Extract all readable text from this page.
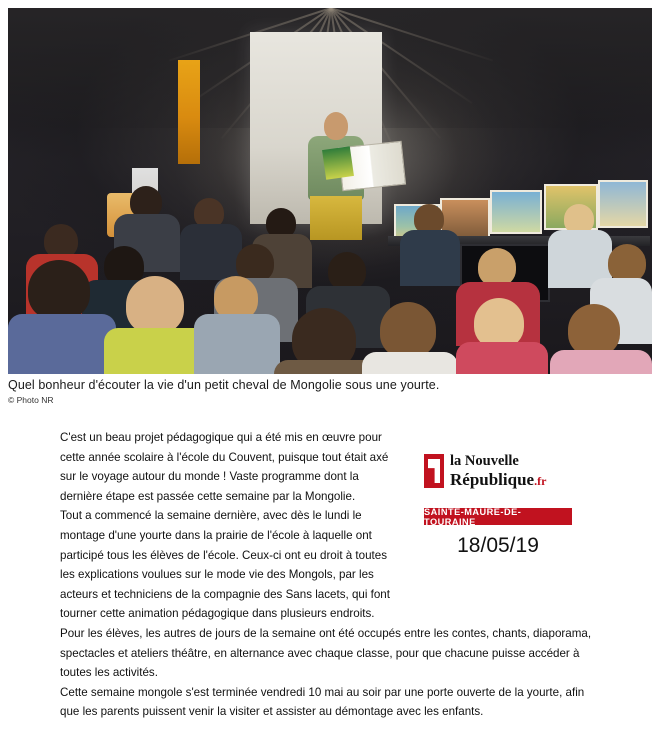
Quel bonheur d'écouter la vie d'un petit cheval de Mongolie sous une yourte.
© Photo NR

C'est un beau projet pédagogique qui a été mis en œuvre pour cette année scolaire à l'école du Couvent, puisque tout était axé sur le voyage autour du monde ! Vaste programme dont la dernière étape est passée cette semaine par la Mongolie.

Tout a commencé la semaine dernière, avec dès le lundi le montage d'une yourte dans la prairie de l'école à laquelle ont participé tous les élèves de l'école. Ceux-ci ont eu droit à toutes les explications voulues sur le mode vie des Mongols, par les acteurs et techniciens de la compagnie des Sans lacets, qui font tourner cette animation pédagogique dans plusieurs endroits.

Pour les élèves, les autres de jours de la semaine ont été occupés entre les contes, chants, diaporama, spectacles et ateliers théâtre, en alternance avec chaque classe, pour que chacune puisse accéder à toutes les activités.

Cette semaine mongole s'est terminée vendredi 10 mai au soir par une porte ouverte de la yourte, afin que les parents puissent venir la visiter et assister au démontage avec les enfants.

la Nouvelle
République.fr
SAINTE-MAURE-DE-TOURAINE
18/05/19
